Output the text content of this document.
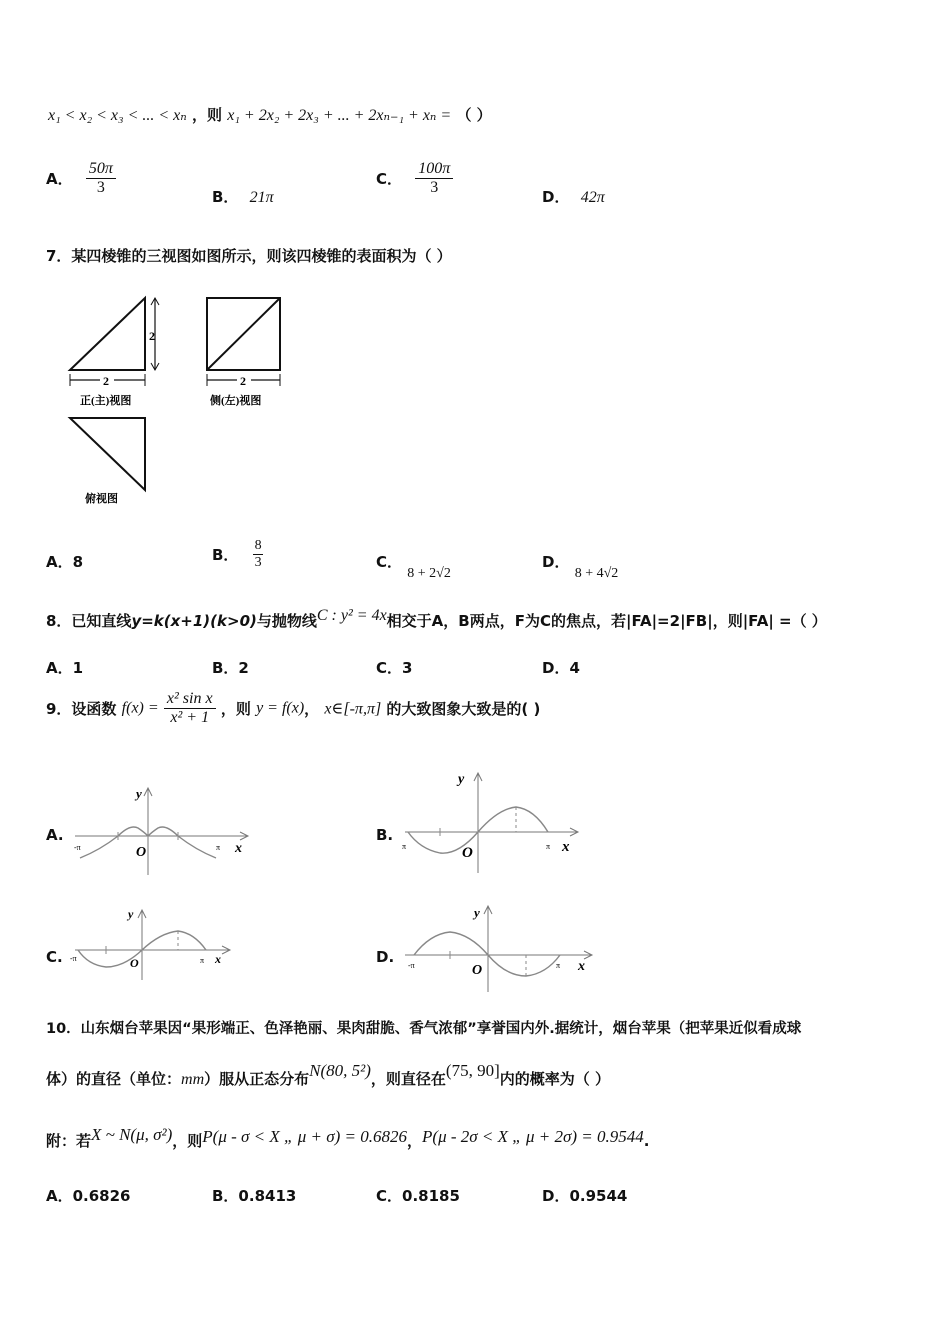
x₁ < x₂ < x₃ < ... < xₙ ，则 x₁ + 2x₂ + 2x₃ + ... + 2xₙ₋₁ + xₙ = （ ）
A． $\frac{50\pi}{3}$	B． 21π
C． $\frac{100\pi}{3}$	D． 42π
7．某四棱锥的三视图如图所示，则该四棱锥的表面积为（ ）
2
2
正(主)视图
2
侧(左)视图
俯视图
A．8	B． $\frac{8}{3}$	C． 8 + 2√2
D． 8 + 4√2
8．已知直线y=k(x+1)(k>0)与抛物线C : y² = 4x相交于A，B两点，F为C的焦点，若|FA|=2|FB|，则|FA| =（ ）
A．1	B．2	C．3	D．4
9．设函数 $f(x) = \frac{\text{x² sin x}}{\text{x² + 1}}$ ，则 y = f(x)， x∈[-π,π] 的大致图象大致是的( )
A.
y
x
O
-π	π
B.
y
x
O
π	π
C.
y
x
O
-π	π	D.
y
x
O
-π	π
10．山东烟台苹果因“果形端正、色泽艳丽、果肉甜脆、香气浓郁”享誉国内外.据统计，烟台苹果（把苹果近似看成球
体）的直径（单位：mm）服从正态分布N(80, 5²)，则直径在(75, 90]内的概率为（ ）
附：若X ~ N(μ, σ²)，则P(μ - σ < X „ μ + σ) = 0.6826，P(μ - 2σ < X „ μ + 2σ) = 0.9544.
A．0.6826	B．0.8413	C．0.8185	D．0.9544
